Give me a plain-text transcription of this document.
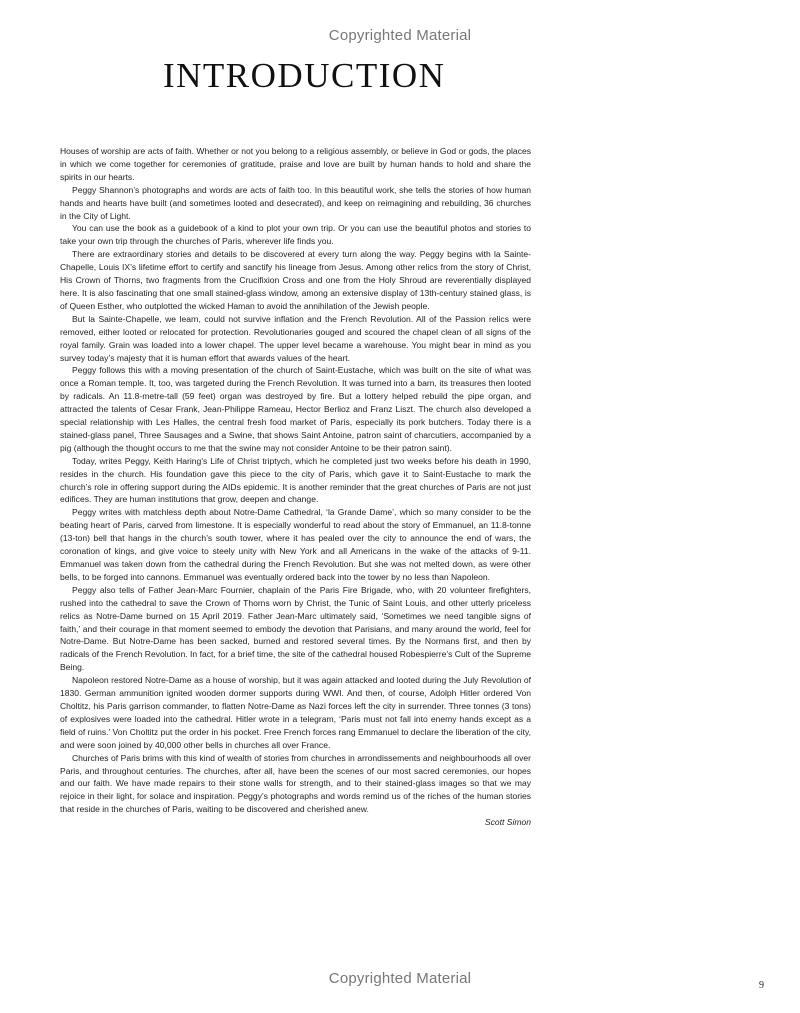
Copyrighted Material
INTRODUCTION

Houses of worship are acts of faith. Whether or not you belong to a religious assembly, or believe in God or gods, the places in which we come together for ceremonies of gratitude, praise and love are built by human hands to hold and share the spirits in our hearts.

Peggy Shannon’s photographs and words are acts of faith too. In this beautiful work, she tells the stories of how human hands and hearts have built (and sometimes looted and desecrated), and keep on reimagining and rebuilding, 36 churches in the City of Light.

You can use the book as a guidebook of a kind to plot your own trip. Or you can use the beautiful photos and stories to take your own trip through the churches of Paris, wherever life finds you.

There are extraordinary stories and details to be discovered at every turn along the way. Peggy begins with la Sainte-Chapelle, Louis IX’s lifetime effort to certify and sanctify his lineage from Jesus. Among other relics from the story of Christ, His Crown of Thorns, two fragments from the Crucifixion Cross and one from the Holy Shroud are reverentially displayed here. It is also fascinating that one small stained-glass window, among an extensive display of 13th-century stained glass, is of Queen Esther, who outplotted the wicked Haman to avoid the annihilation of the Jewish people.

But la Sainte-Chapelle, we learn, could not survive inflation and the French Revolution. All of the Passion relics were removed, either looted or relocated for protection. Revolutionaries gouged and scoured the chapel clean of all signs of the royal family. Grain was loaded into a lower chapel. The upper level became a warehouse. You might bear in mind as you survey today’s majesty that it is human effort that awards values of the heart.

Peggy follows this with a moving presentation of the church of Saint-Eustache, which was built on the site of what was once a Roman temple. It, too, was targeted during the French Revolution. It was turned into a barn, its treasures then looted by radicals. An 11.8-metre-tall (59 feet) organ was destroyed by fire. But a lottery helped rebuild the pipe organ, and attracted the talents of Cesar Frank, Jean-Philippe Rameau, Hector Berlioz and Franz Liszt. The church also developed a special relationship with Les Halles, the central fresh food market of Paris, especially its pork butchers. Today there is a stained-glass panel, Three Sausages and a Swine, that shows Saint Antoine, patron saint of charcutiers, accompanied by a pig (although the thought occurs to me that the swine may not consider Antoine to be their patron saint).

Today, writes Peggy, Keith Haring’s Life of Christ triptych, which he completed just two weeks before his death in 1990, resides in the church. His foundation gave this piece to the city of Paris, which gave it to Saint-Eustache to mark the church’s role in offering support during the AIDs epidemic. It is another reminder that the great churches of Paris are not just edifices. They are human institutions that grow, deepen and change.

Peggy writes with matchless depth about Notre-Dame Cathedral, ‘la Grande Dame’, which so many consider to be the beating heart of Paris, carved from limestone. It is especially wonderful to read about the story of Emmanuel, an 11.8-tonne (13-ton) bell that hangs in the church’s south tower, where it has pealed over the city to announce the end of wars, the coronation of kings, and give voice to steely unity with New York and all Americans in the wake of the attacks of 9-11. Emmanuel was taken down from the cathedral during the French Revolution. But she was not melted down, as were other bells, to be forged into cannons. Emmanuel was eventually ordered back into the tower by no less than Napoleon.

Peggy also tells of Father Jean-Marc Fournier, chaplain of the Paris Fire Brigade, who, with 20 volunteer firefighters, rushed into the cathedral to save the Crown of Thorns worn by Christ, the Tunic of Saint Louis, and other utterly priceless relics as Notre-Dame burned on 15 April 2019. Father Jean-Marc ultimately said, ‘Sometimes we need tangible signs of faith,’ and their courage in that moment seemed to embody the devotion that Parisians, and many around the world, feel for Notre-Dame. But Notre-Dame has been sacked, burned and restored several times. By the Normans first, and then by radicals of the French Revolution. In fact, for a brief time, the site of the cathedral housed Robespierre’s Cult of the Supreme Being.

Napoleon restored Notre-Dame as a house of worship, but it was again attacked and looted during the July Revolution of 1830. German ammunition ignited wooden dormer supports during WWI. And then, of course, Adolph Hitler ordered Von Choltitz, his Paris garrison commander, to flatten Notre-Dame as Nazi forces left the city in surrender. Three tonnes (3 tons) of explosives were loaded into the cathedral. Hitler wrote in a telegram, ‘Paris must not fall into enemy hands except as a field of ruins.’ Von Choltitz put the order in his pocket. Free French forces rang Emmanuel to declare the liberation of the city, and were soon joined by 40,000 other bells in churches all over France.

Churches of Paris brims with this kind of wealth of stories from churches in arrondissements and neighbourhoods all over Paris, and throughout centuries. The churches, after all, have been the scenes of our most sacred ceremonies, our hopes and our faith. We have made repairs to their stone walls for strength, and to their stained-glass images so that we may rejoice in their light, for solace and inspiration. Peggy’s photographs and words remind us of the riches of the human stories that reside in the churches of Paris, waiting to be discovered and cherished anew.

Scott Simon

Copyrighted Material	9
